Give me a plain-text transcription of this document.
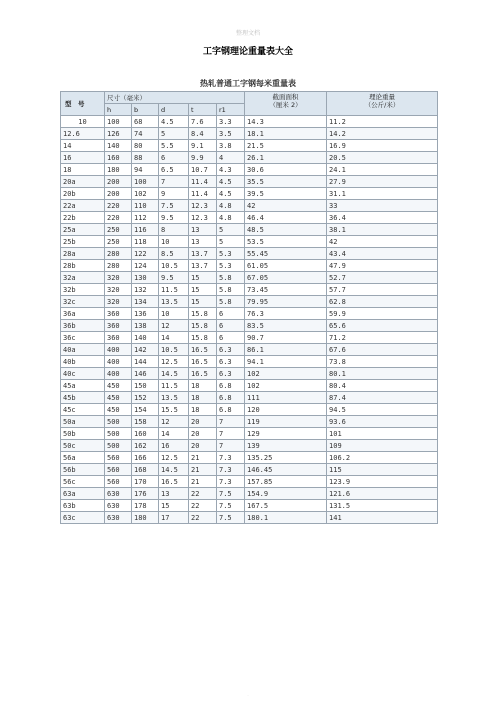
整理文档
工字钢理论重量表大全
热轧普通工字钢每米重量表
型　号	尺寸（毫米）					截面面积
（厘米 2）	理论重量
（公斤/米）

	h	b	d	t	r1		
10	100	68	4.5	7.6	3.3	14.3	11.2
12.6	126	74	5	8.4	3.5	18.1	14.2
14	140	80	5.5	9.1	3.8	21.5	16.9
16	160	88	6	9.9	4	26.1	20.5
18	180	94	6.5	10.7	4.3	30.6	24.1
20a	200	100	7	11.4	4.5	35.5	27.9
20b	200	102	9	11.4	4.5	39.5	31.1
22a	220	110	7.5	12.3	4.8	42	33
22b	220	112	9.5	12.3	4.8	46.4	36.4
25a	250	116	8	13	5	48.5	38.1
25b	250	118	10	13	5	53.5	42
28a	280	122	8.5	13.7	5.3	55.45	43.4
28b	280	124	10.5	13.7	5.3	61.05	47.9
32a	320	130	9.5	15	5.8	67.05	52.7
32b	320	132	11.5	15	5.8	73.45	57.7
32c	320	134	13.5	15	5.8	79.95	62.8
36a	360	136	10	15.8	6	76.3	59.9
36b	360	138	12	15.8	6	83.5	65.6
36c	360	140	14	15.8	6	90.7	71.2
40a	400	142	10.5	16.5	6.3	86.1	67.6
40b	400	144	12.5	16.5	6.3	94.1	73.8
40c	400	146	14.5	16.5	6.3	102	80.1
45a	450	150	11.5	18	6.8	102	80.4
45b	450	152	13.5	18	6.8	111	87.4
45c	450	154	15.5	18	6.8	120	94.5
50a	500	158	12	20	7	119	93.6
50b	500	160	14	20	7	129	101
50c	500	162	16	20	7	139	109
56a	560	166	12.5	21	7.3	135.25	106.2
56b	560	168	14.5	21	7.3	146.45	115
56c	560	170	16.5	21	7.3	157.85	123.9
63a	630	176	13	22	7.5	154.9	121.6
63b	630	178	15	22	7.5	167.5	131.5
63c	630	180	17	22	7.5	180.1	141
.
